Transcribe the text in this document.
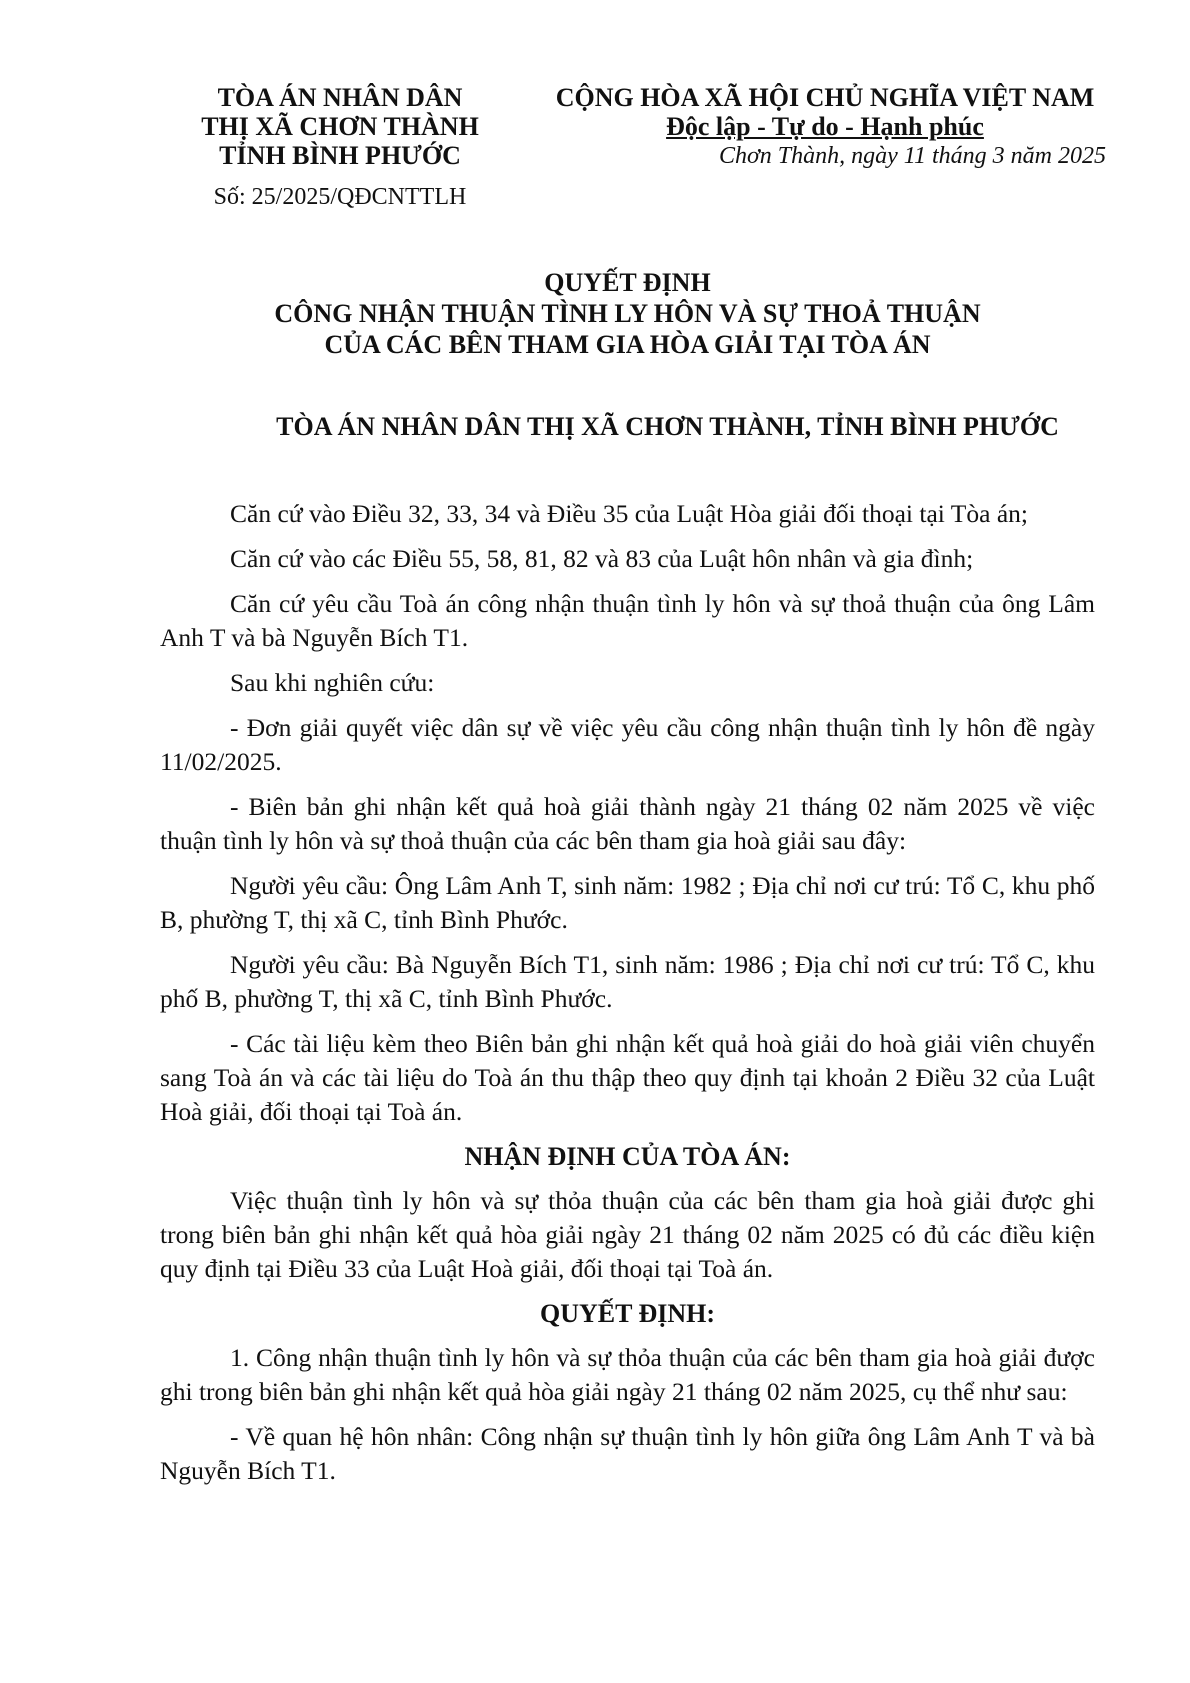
TÒA ÁN NHÂN DÂN
THỊ XÃ CHƠN THÀNH
TỈNH BÌNH PHƯỚC
Số: 25/2025/QĐCNTTLH
CỘNG HÒA XÃ HỘI CHỦ NGHĨA VIỆT NAM
Độc lập - Tự do - Hạnh phúc
Chơn Thành, ngày 11 tháng 3 năm 2025
QUYẾT ĐỊNH
CÔNG NHẬN THUẬN TÌNH LY HÔN VÀ SỰ THOẢ THUẬN
CỦA CÁC BÊN THAM GIA HÒA GIẢI TẠI TÒA ÁN
TÒA ÁN NHÂN DÂN THỊ XÃ CHƠN THÀNH, TỈNH BÌNH PHƯỚC

Căn cứ vào Điều 32, 33, 34 và Điều 35 của Luật Hòa giải đối thoại tại Tòa án;

Căn cứ vào các Điều 55, 58, 81, 82 và 83 của Luật hôn nhân và gia đình;

Căn cứ yêu cầu Toà án công nhận thuận tình ly hôn và sự thoả thuận của ông Lâm Anh T và bà Nguyễn Bích T1.

Sau khi nghiên cứu:

- Đơn giải quyết việc dân sự về việc yêu cầu công nhận thuận tình ly hôn đề ngày 11/02/2025.

- Biên bản ghi nhận kết quả hoà giải thành ngày 21 tháng 02 năm 2025 về việc thuận tình ly hôn và sự thoả thuận của các bên tham gia hoà giải sau đây:

Người yêu cầu: Ông Lâm Anh T, sinh năm: 1982 ; Địa chỉ nơi cư trú: Tổ C, khu phố B, phường T, thị xã C, tỉnh Bình Phước.

Người yêu cầu: Bà Nguyễn Bích T1, sinh năm: 1986 ; Địa chỉ nơi cư trú: Tổ C, khu phố B, phường T, thị xã C, tỉnh Bình Phước.

- Các tài liệu kèm theo Biên bản ghi nhận kết quả hoà giải do hoà giải viên chuyển sang Toà án và các tài liệu do Toà án thu thập theo quy định tại khoản 2 Điều 32 của Luật Hoà giải, đối thoại tại Toà án.

NHẬN ĐỊNH CỦA TÒA ÁN:

Việc thuận tình ly hôn và sự thỏa thuận của các bên tham gia hoà giải được ghi trong biên bản ghi nhận kết quả hòa giải ngày 21 tháng 02 năm 2025 có đủ các điều kiện quy định tại Điều 33 của Luật Hoà giải, đối thoại tại Toà án.

QUYẾT ĐỊNH:

1. Công nhận thuận tình ly hôn và sự thỏa thuận của các bên tham gia hoà giải được ghi trong biên bản ghi nhận kết quả hòa giải ngày 21 tháng 02 năm 2025, cụ thể như sau:

- Về quan hệ hôn nhân: Công nhận sự thuận tình ly hôn giữa ông Lâm Anh T và bà Nguyễn Bích T1.
